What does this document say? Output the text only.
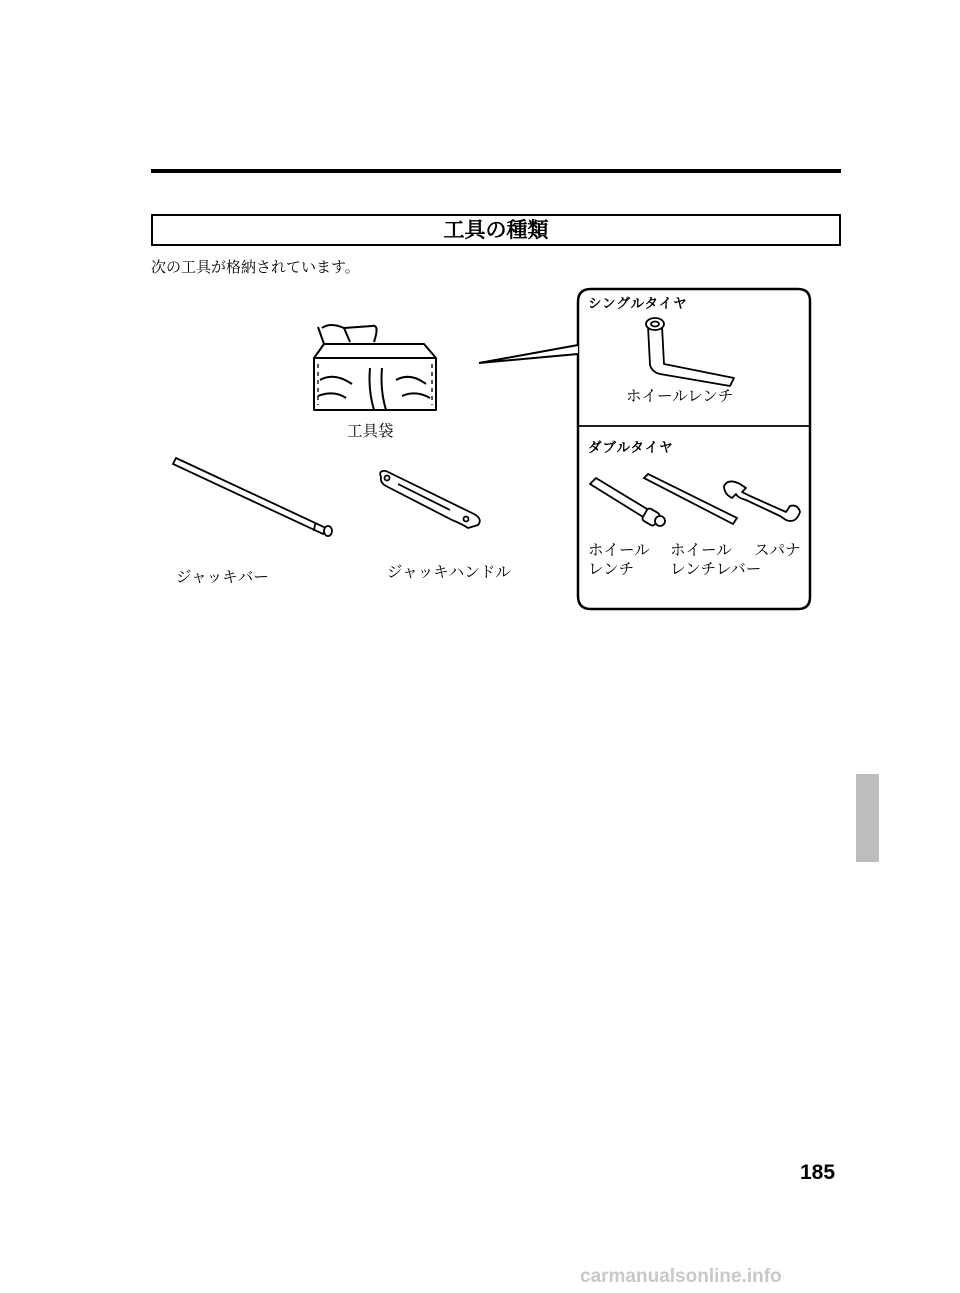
工具の種類
次の工具が格納されています。
工具袋
ジャッキバー	ジャッキハンドル
シングルタイヤ
ホイールレンチ
ダブルタイヤ
ホイール
レンチ
ホイール
レンチレバー
スパナ
185
carmanualsonline.info
